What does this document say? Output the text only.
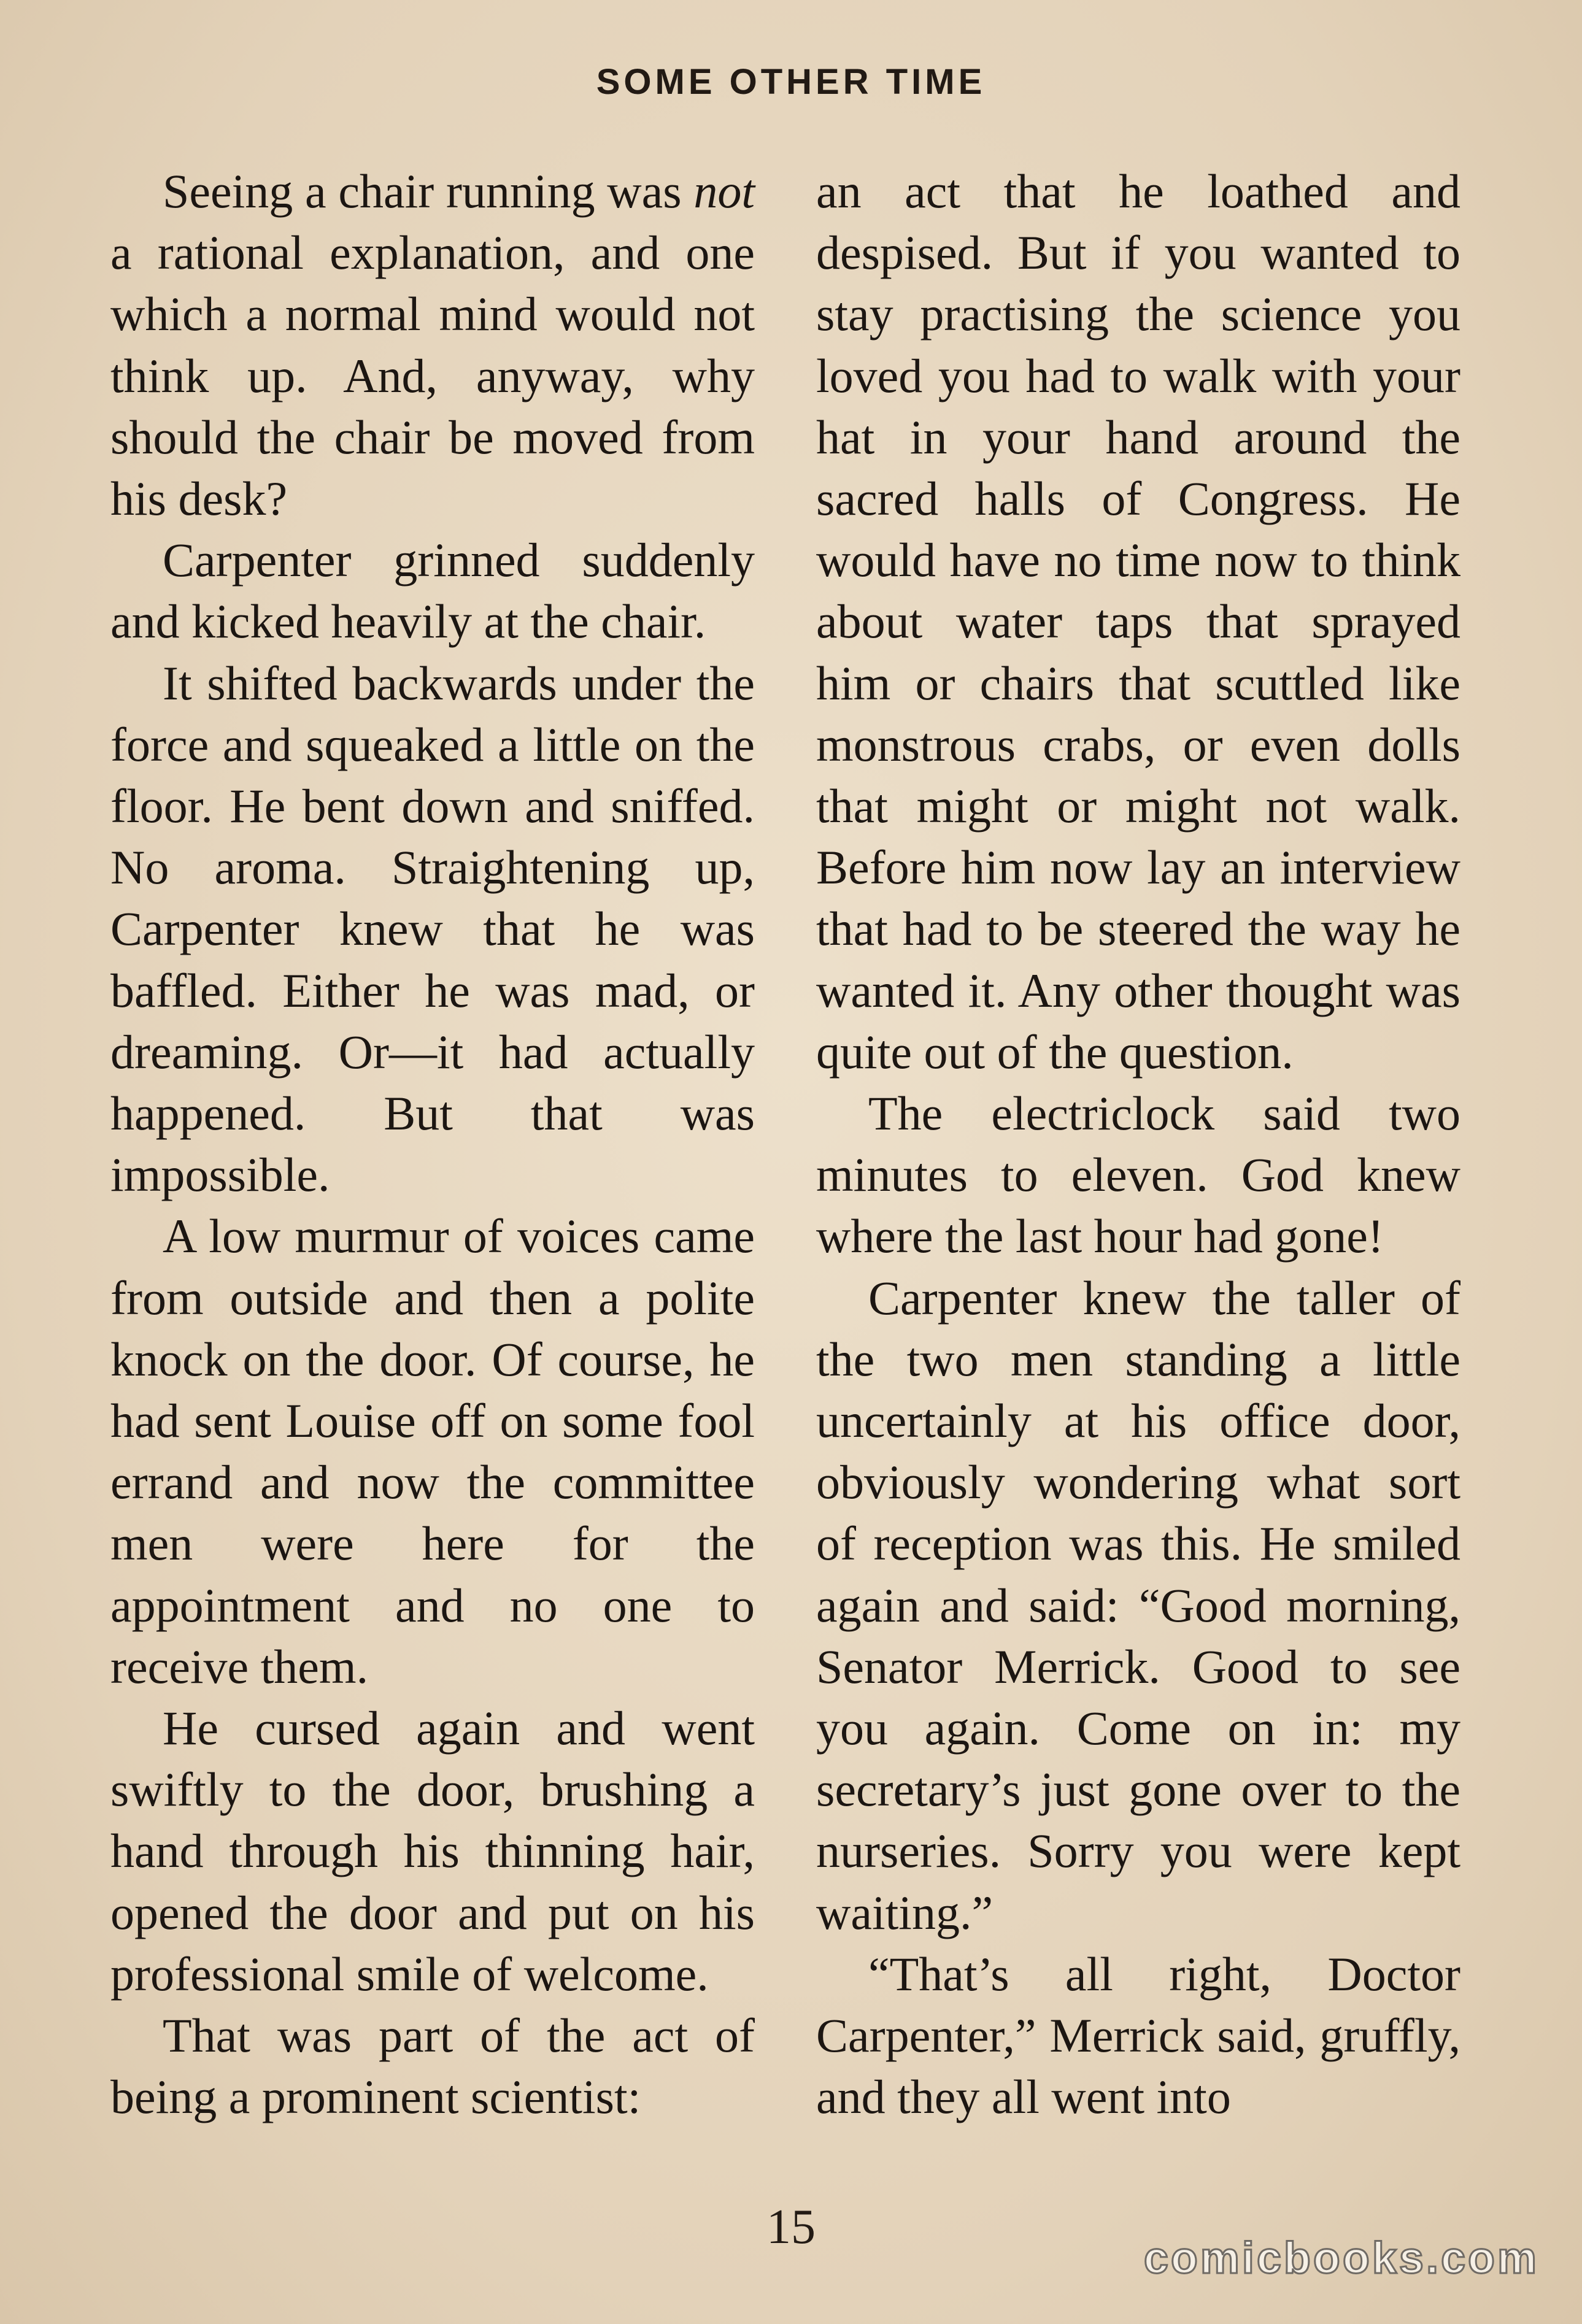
SOME OTHER TIME

Seeing a chair running was not a rational explanation, and one which a normal mind would not think up. And, anyway, why should the chair be moved from his desk?

Carpenter grinned suddenly and kicked heavily at the chair.

It shifted backwards under the force and squeaked a little on the floor. He bent down and sniffed. No aroma. Straightening up, Carpenter knew that he was baffled. Either he was mad, or dreaming. Or—it had actually happened. But that was impossible.

A low murmur of voices came from outside and then a polite knock on the door. Of course, he had sent Louise off on some fool errand and now the committee men were here for the appointment and no one to receive them.

He cursed again and went swiftly to the door, brushing a hand through his thinning hair, opened the door and put on his professional smile of welcome.

That was part of the act of being a prominent scientist:

an act that he loathed and despised. But if you wanted to stay practising the science you loved you had to walk with your hat in your hand around the sacred halls of Congress. He would have no time now to think about water taps that sprayed him or chairs that scuttled like monstrous crabs, or even dolls that might or might not walk. Before him now lay an interview that had to be steered the way he wanted it. Any other thought was quite out of the question.

The electriclock said two minutes to eleven. God knew where the last hour had gone!

Carpenter knew the taller of the two men standing a little uncertainly at his office door, obviously wondering what sort of reception was this. He smiled again and said: “Good morning, Senator Merrick. Good to see you again. Come on in: my secretary’s just gone over to the nurseries. Sorry you were kept waiting.”

“That’s all right, Doctor Carpenter,” Merrick said, gruffly, and they all went into

15
comicbooks.com
